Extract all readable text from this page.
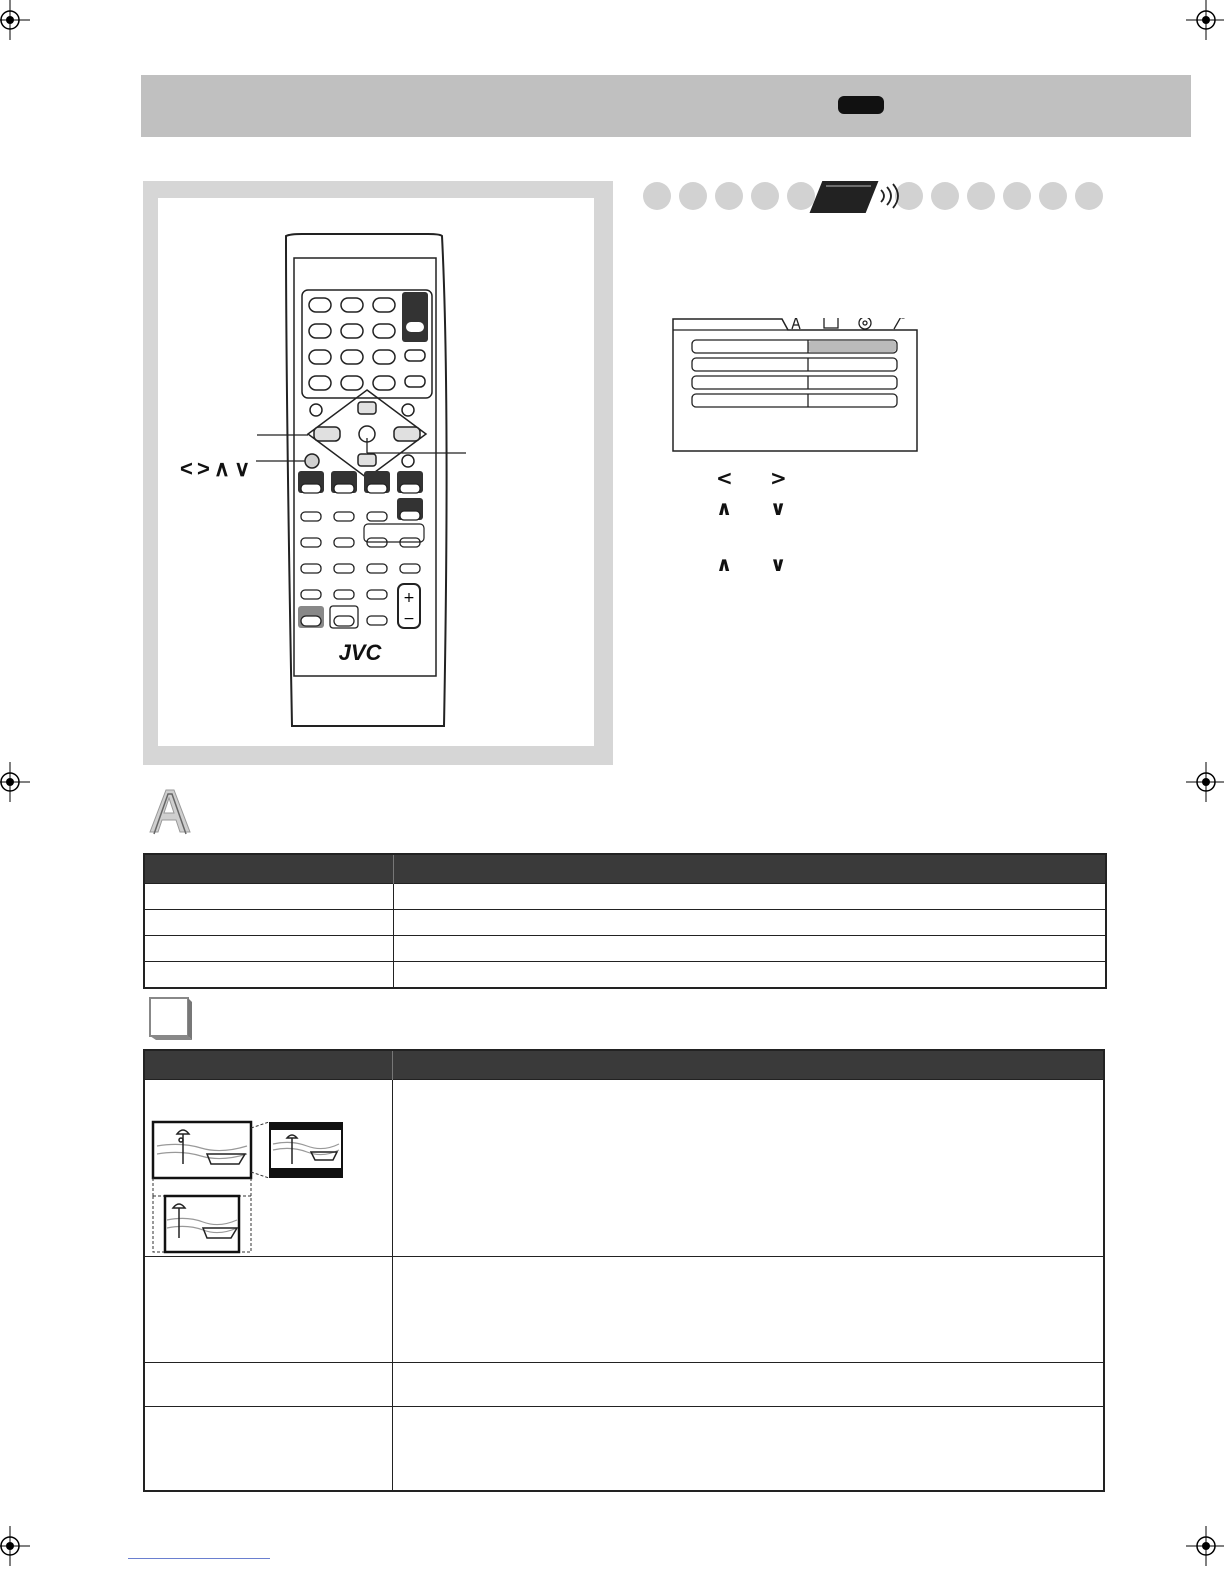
+
−
< > ∧ ∨
JVC
< >
∧ ∨
∧ ∨
